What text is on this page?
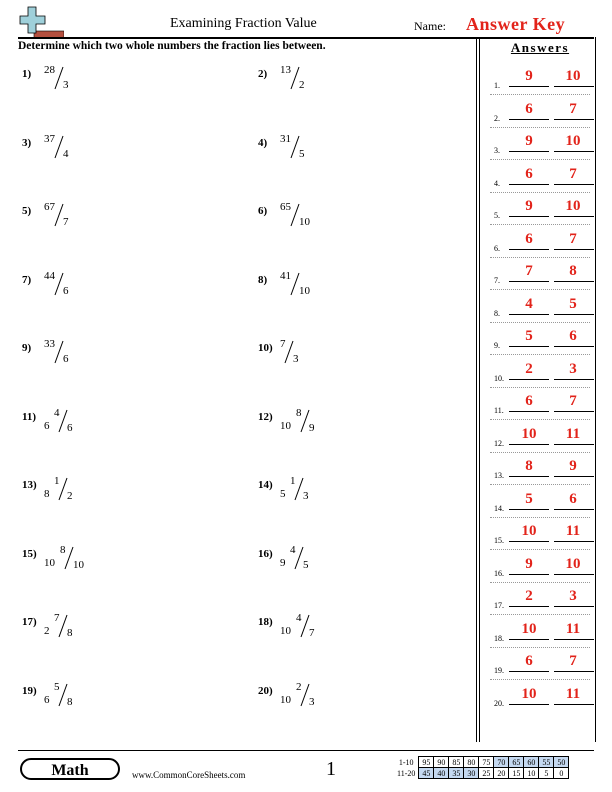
Examining Fraction Value	Name: Answer Key
Determine which two whole numbers the fraction lies between.
1) 28
3
2) 13
2
3) 37
4
4) 31
5
5) 67
7
6) 65
10
7) 44
6
8) 41
10
9) 33
6
10) 7
3
11)
6
4
6
12)
10
8
9
13)
8
1
2
14)
5
1
3
15)
10
8
10
16)
9
4
5
17)
2
7
8
18)
10
4
7
19)
6
5
8
20)
10
2
3
Answers
1.
9	10
2.
6	7
3.
9	10
4.
6	7
5.
9	10
6.
6	7
7.
7	8
8.
4	5
9.
5	6
10.
2	3
11.
6	7
12.
10	11
13.
8	9
14.
5	6
15.
10	11
16.
9	10
17.
2	3
18.
10	11
19.
6	7
20.
10	11
Math	www.CommonCoreSheets.com	1	1-10	95	90	85	80	75	70	65	60	55	50
11-20	45	40	35	30	25	20	15	10	5	0
